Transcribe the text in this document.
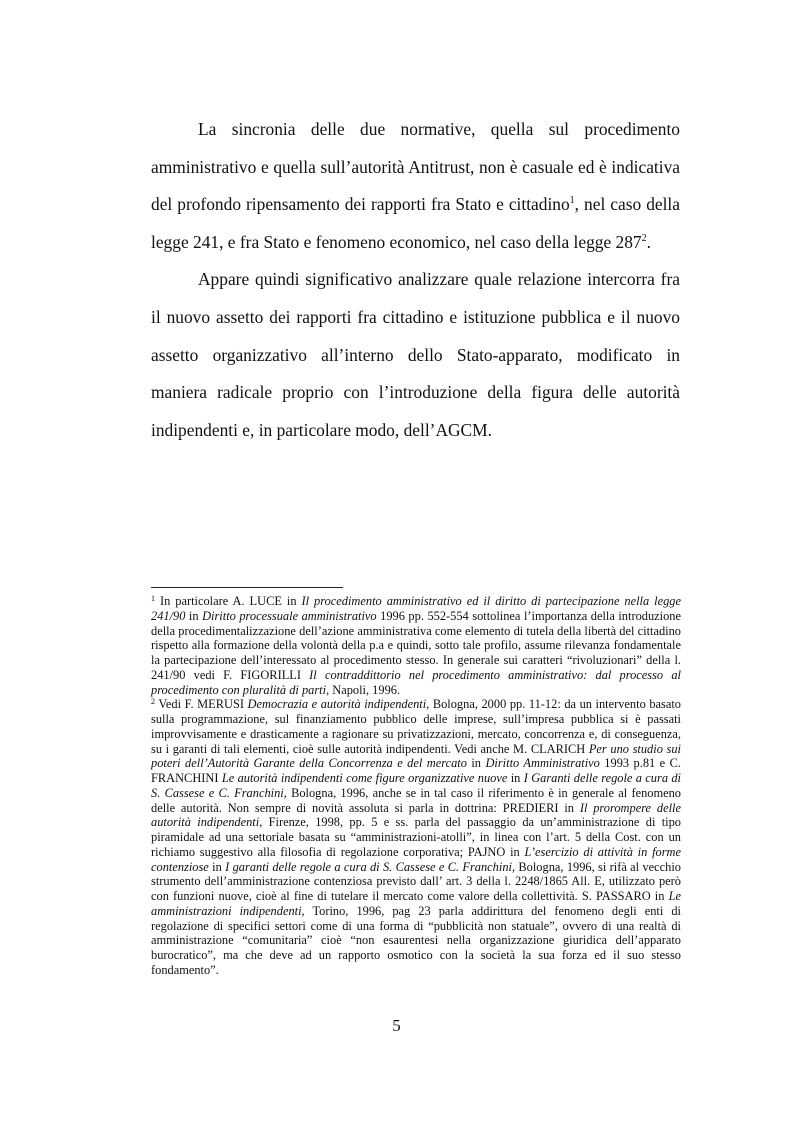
La sincronia delle due normative, quella sul procedimento amministrativo e quella sull’autorità Antitrust, non è casuale ed è indicativa del profondo ripensamento dei rapporti fra Stato e cittadino$^1$, nel caso della legge 241, e fra Stato e fenomeno economico, nel caso della legge $287^2$.

Appare quindi significativo analizzare quale relazione intercorra fra il nuovo assetto dei rapporti fra cittadino e istituzione pubblica e il nuovo assetto organizzativo all’interno dello Stato-apparato, modificato in maniera radicale proprio con l’introduzione della figura delle autorità indipendenti e, in particolare modo, dell’AGCM.

$^1$ In particolare A. LUCE in Il procedimento amministrativo ed il diritto di partecipazione nella legge 241/90 in Diritto processuale amministrativo 1996 pp. 552-554 sottolinea l’importanza della introduzione della procedimentalizzazione dell’azione amministrativa come elemento di tutela della libertà del cittadino rispetto alla formazione della volontà della p.a e quindi, sotto tale profilo, assume rilevanza fondamentale la partecipazione dell’interessato al procedimento stesso. In generale sui caratteri “rivoluzionari” della l. 241/90 vedi F. FIGORILLI Il contraddittorio nel procedimento amministrativo: dal processo al procedimento con pluralità di parti, Napoli, 1996.

$^2$ Vedi F. MERUSI Democrazia e autorità indipendenti, Bologna, 2000 pp. 11-12: da un intervento basato sulla programmazione, sul finanziamento pubblico delle imprese, sull’impresa pubblica si è passati improvvisamente e drasticamente a ragionare su privatizzazioni, mercato, concorrenza e, di conseguenza, su i garanti di tali elementi, cioè sulle autorità indipendenti. Vedi anche M. CLARICH Per uno studio sui poteri dell’Autorità Garante della Concorrenza e del mercato in Diritto Amministrativo 1993 p.81 e C. FRANCHINI Le autorità indipendenti come figure organizzative nuove in I Garanti delle regole a cura di S. Cassese e C. Franchini, Bologna, 1996, anche se in tal caso il riferimento è in generale al fenomeno delle autorità. Non sempre di novità assoluta si parla in dottrina: PREDIERI in Il prorompere delle autorità indipendenti, Firenze, 1998, pp. 5 e ss. parla del passaggio da un’amministrazione di tipo piramidale ad una settoriale basata su “amministrazioni-atolli”, in linea con l’art. 5 della Cost. con un richiamo suggestivo alla filosofia di regolazione corporativa; PAJNO in L’esercizio di attività in forme contenziose in I garanti delle regole a cura di S. Cassese e C. Franchini, Bologna, 1996, si rifà al vecchio strumento dell’amministrazione contenziosa previsto dall’ art. 3 della l. 2248/1865 All. E, utilizzato però con funzioni nuove, cioè al fine di tutelare il mercato come valore della collettività. S. PASSARO in Le amministrazioni indipendenti, Torino, 1996, pag 23 parla addirittura del fenomeno degli enti di regolazione di specifici settori come di una forma di “pubblicità non statuale”, ovvero di una realtà di amministrazione “comunitaria” cioè “non esaurentesi nella organizzazione giuridica dell’apparato burocratico”, ma che deve ad un rapporto osmotico con la società la sua forza ed il suo stesso fondamento”.

5
